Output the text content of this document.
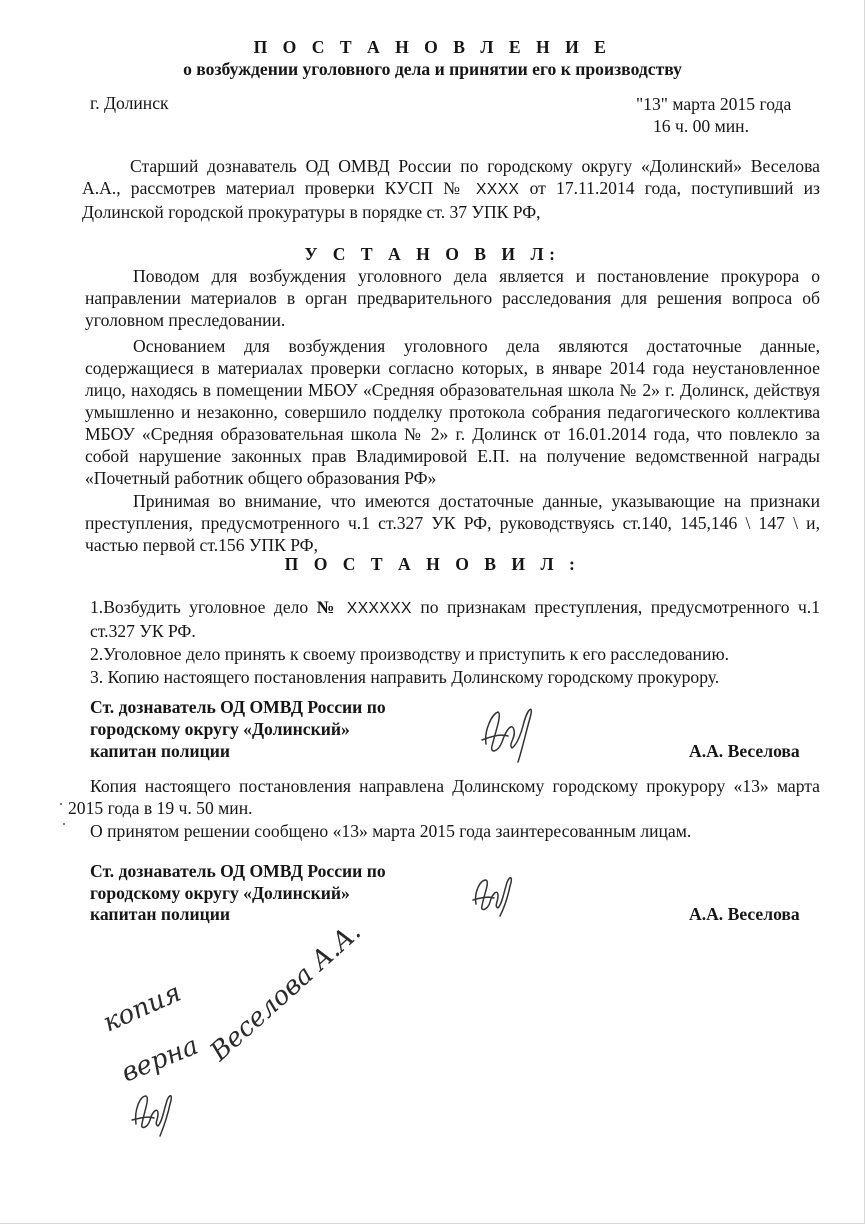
П О С Т А Н О В Л Е Н И Е
о возбуждении уголовного дела и принятии его к производству
г. Долинск	"13" марта 2015 года
16 ч. 00 мин.

Старший дознаватель ОД ОМВД России по городскому округу «Долинский» Веселова А.А., рассмотрев материал проверки КУСП № XXXX от 17.11.2014 года, поступивший из Долинской городской прокуратуры в порядке ст. 37 УПК РФ,

У С Т А Н О В И Л:

Поводом для возбуждения уголовного дела является и постановление прокурора о направлении материалов в орган предварительного расследования для решения вопроса об уголовном преследовании.

Основанием для возбуждения уголовного дела являются достаточные данные, содержащиеся в материалах проверки согласно которых, в январе 2014 года неустановленное лицо, находясь в помещении МБОУ «Средняя образовательная школа № 2» г. Долинск, действуя умышленно и незаконно, совершило подделку протокола собрания педагогического коллектива МБОУ «Средняя образовательная школа № 2» г. Долинск от 16.01.2014 года, что повлекло за собой нарушение законных прав Владимировой Е.П. на получение ведомственной награды «Почетный работник общего образования РФ»

Принимая во внимание, что имеются достаточные данные, указывающие на признаки преступления, предусмотренного ч.1 ст.327 УК РФ, руководствуясь ст.140, 145,146 \ 147 \ и, частью первой ст.156 УПК РФ,

П О С Т А Н О В И Л :

1.Возбудить уголовное дело № XXXXXX по признакам преступления, предусмотренного ч.1 ст.327 УК РФ.

2.Уголовное дело принять к своему производству и приступить к его расследованию.

3. Копию настоящего постановления направить Долинскому городскому прокурору.

Ст. дознаватель ОД ОМВД России по
городскому округу «Долинский»
капитан полиции	А.А. Веселова

Копия настоящего постановления направлена Долинскому городскому прокурору «13» марта 2015 года в 19 ч. 50 мин.

О принятом решении сообщено «13» марта 2015 года заинтересованным лицам.

Ст. дознаватель ОД ОМВД России по
городскому округу «Долинский»
капитан полиции	А.А. Веселова
копия
верна Веселова А.А.
